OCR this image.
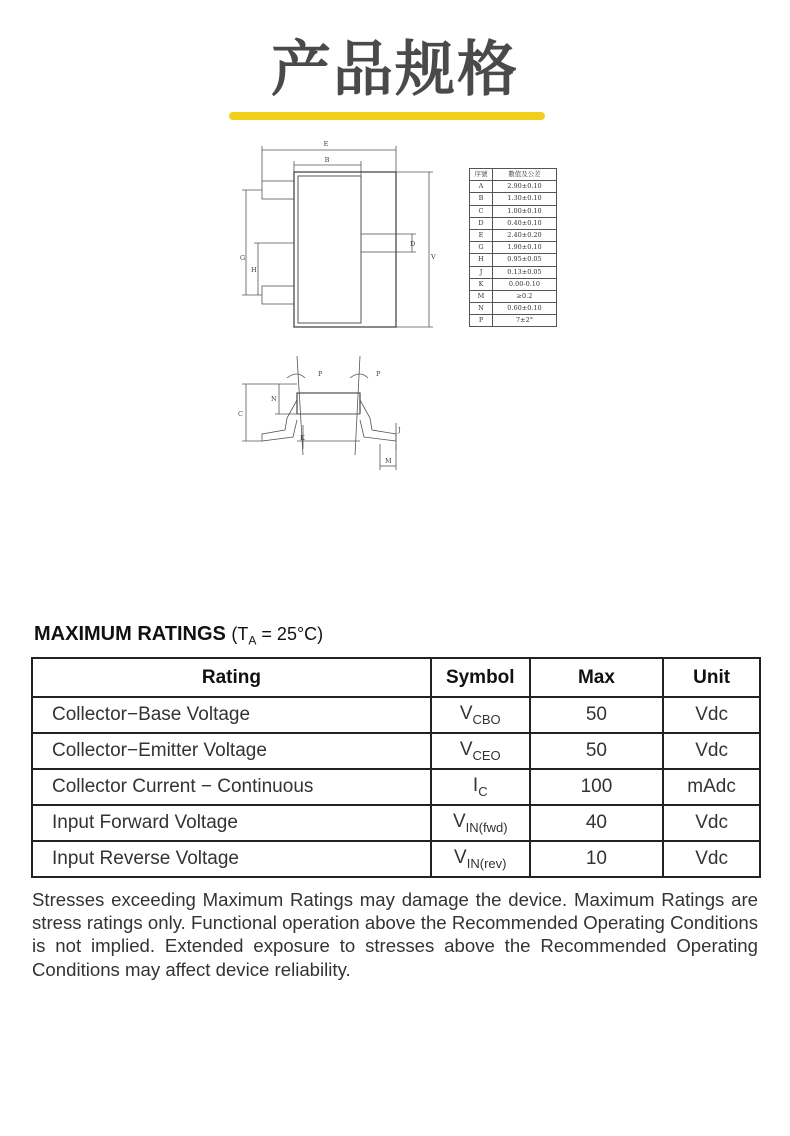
产品规格
E
B
D
G
H
V
P	P
N
C
K
J
M
序號	數值及公差
A	2.90±0.10
B	1.30±0.10
C	1.00±0.10
D	0.40±0.10
E	2.40±0.20
G	1.90±0.10
H	0.95±0.05
J	0.13±0.05
K	0.00-0.10
M	≥0.2
N	0.60±0.10
P	7±2°
MAXIMUM RATINGS $(T_A = 25^\circ C)$
Rating	Symbol	Max	Unit
Collector−Base Voltage	$V_{CBO}$	50	Vdc
Collector−Emitter Voltage	$V_{CEO}$	50	Vdc
Collector Current − Continuous	$I_C$	100	mAdc
Input Forward Voltage	$V_{IN(fwd)}$	40	Vdc
Input Reverse Voltage	$V_{IN(rev)}$	10	Vdc
Stresses exceeding Maximum Ratings may damage the device. Maximum Ratings are stress ratings only. Functional operation above the Recommended Operating Conditions is not implied. Extended exposure to stresses above the Recommended Operating Conditions may affect device reliability.
